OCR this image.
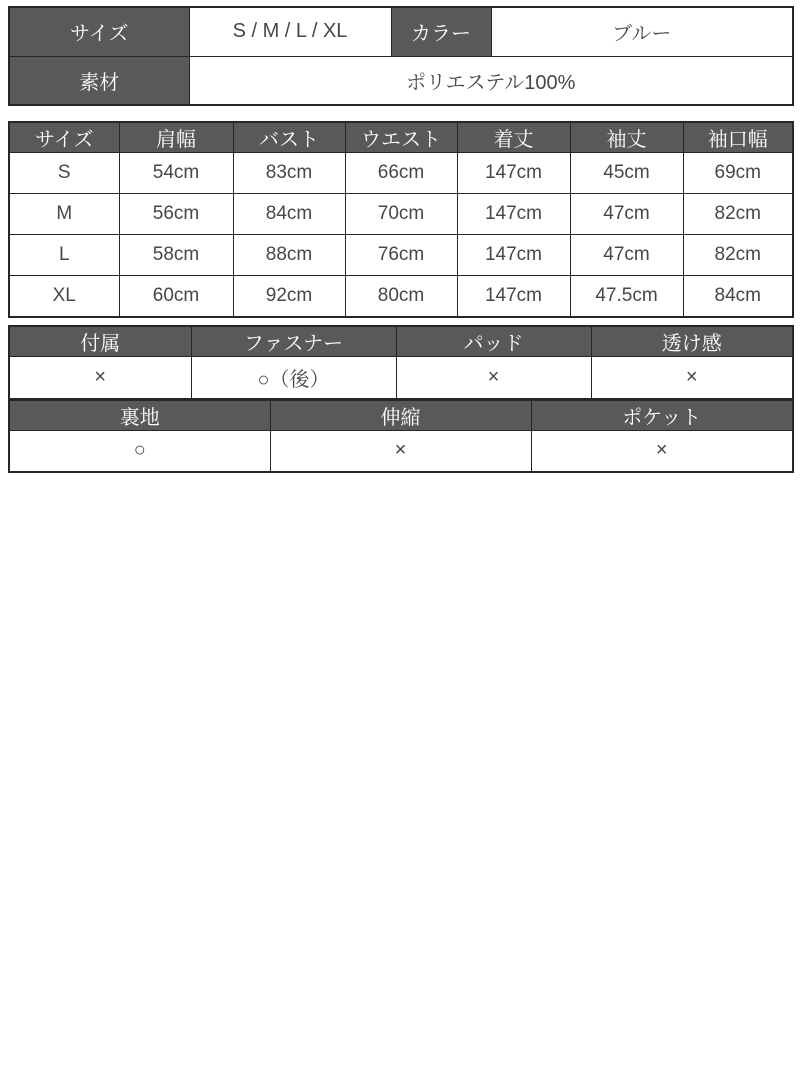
サイズ	S / M / L / XL	カラー	ブルー
素材	ポリエステル100%		
サイズ	肩幅	バスト	ウエスト	着丈	袖丈	袖口幅
S	54cm	83cm	66cm	147cm	45cm	69cm
M	56cm	84cm	70cm	147cm	47cm	82cm
L	58cm	88cm	76cm	147cm	47cm	82cm
XL	60cm	92cm	80cm	147cm	47.5cm	84cm
付属	ファスナー	パッド	透け感
×	○（後）	×	×
裏地	伸縮	ポケット
○	×	×
